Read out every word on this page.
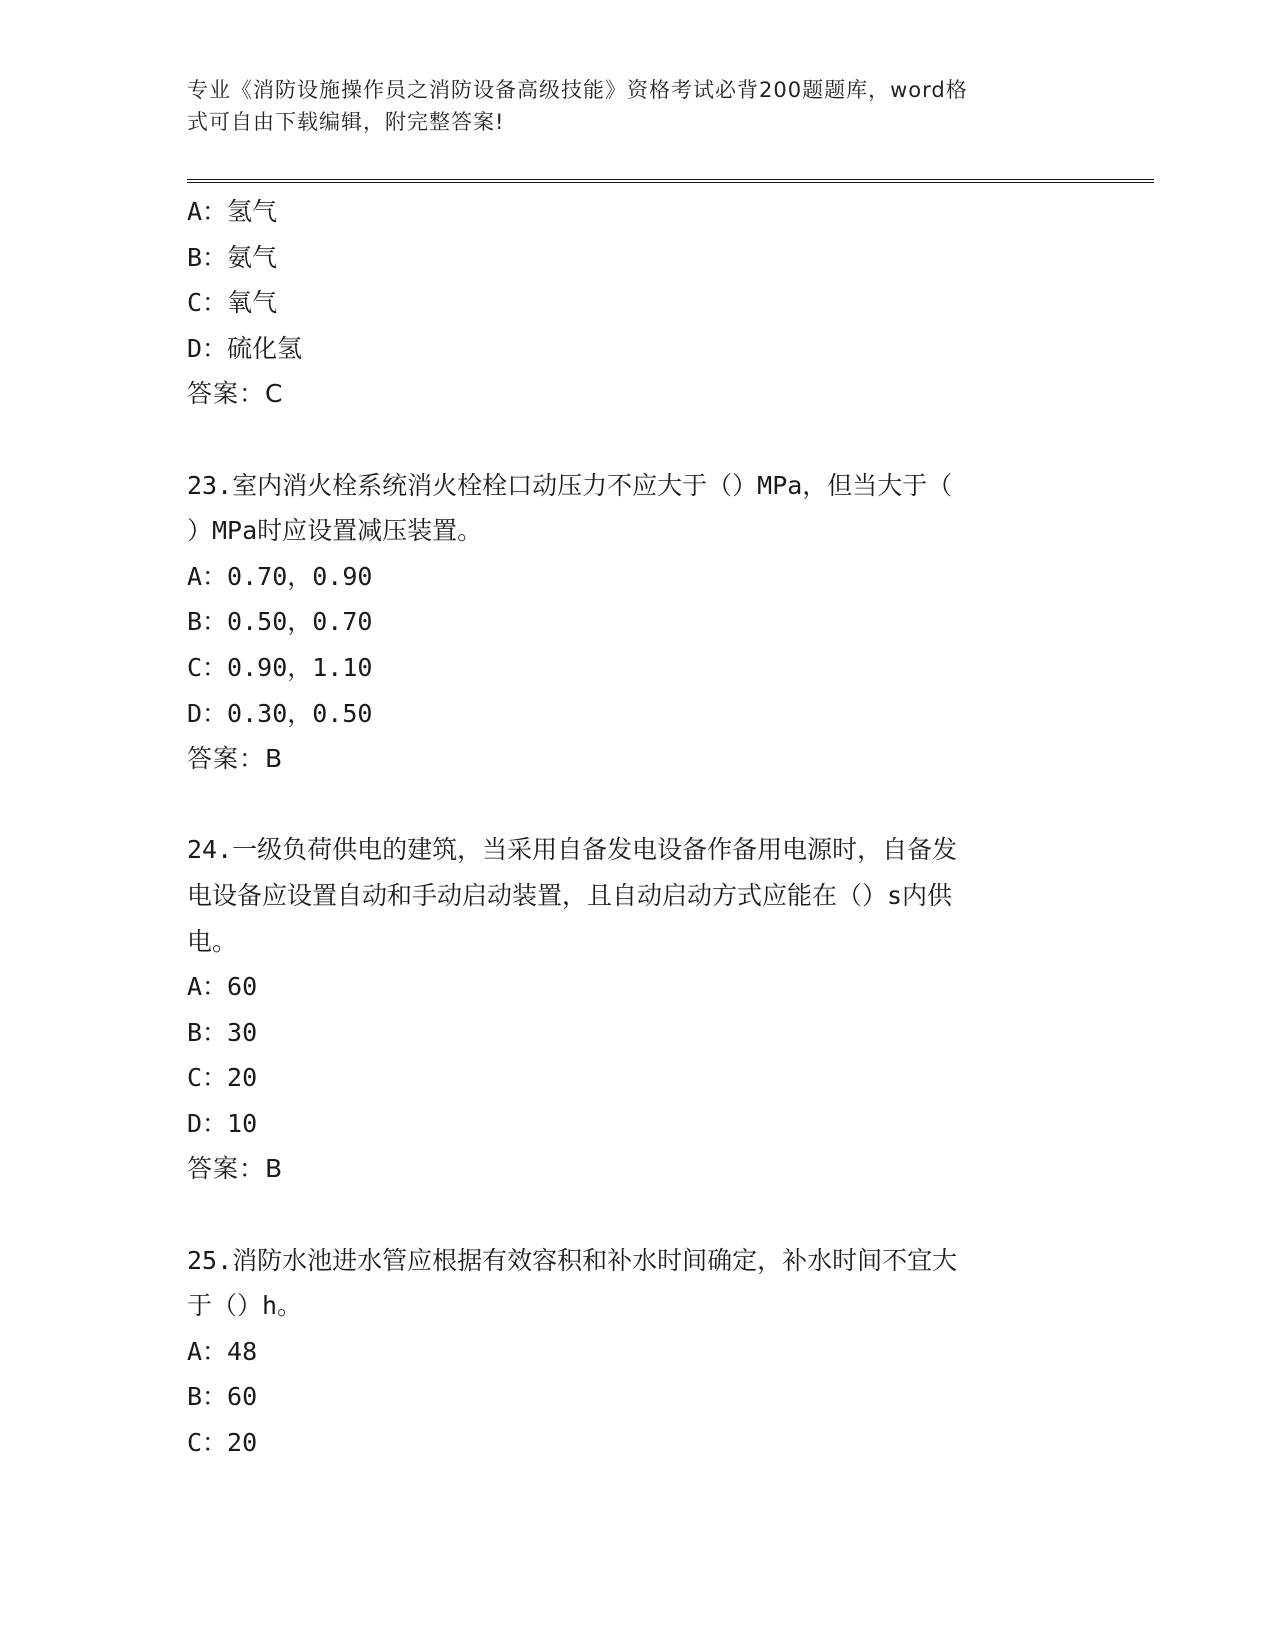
专业《消防设施操作员之消防设备高级技能》资格考试必背200题题库，word格
式可自由下载编辑，附完整答案!
A：氢气
B：氨气
C：氧气
D：硫化氢
答案：C
23.室内消火栓系统消火栓栓口动压力不应大于（）MPa，但当大于（
）MPa时应设置减压装置。
A：0.70，0.90
B：0.50，0.70
C：0.90，1.10
D：0.30，0.50
答案：B
24.一级负荷供电的建筑，当采用自备发电设备作备用电源时，自备发
电设备应设置自动和手动启动装置，且自动启动方式应能在（）s内供
电。
A：60
B：30
C：20
D：10
答案：B
25.消防水池进水管应根据有效容积和补水时间确定，补水时间不宜大
于（）h。
A：48
B：60
C：20
